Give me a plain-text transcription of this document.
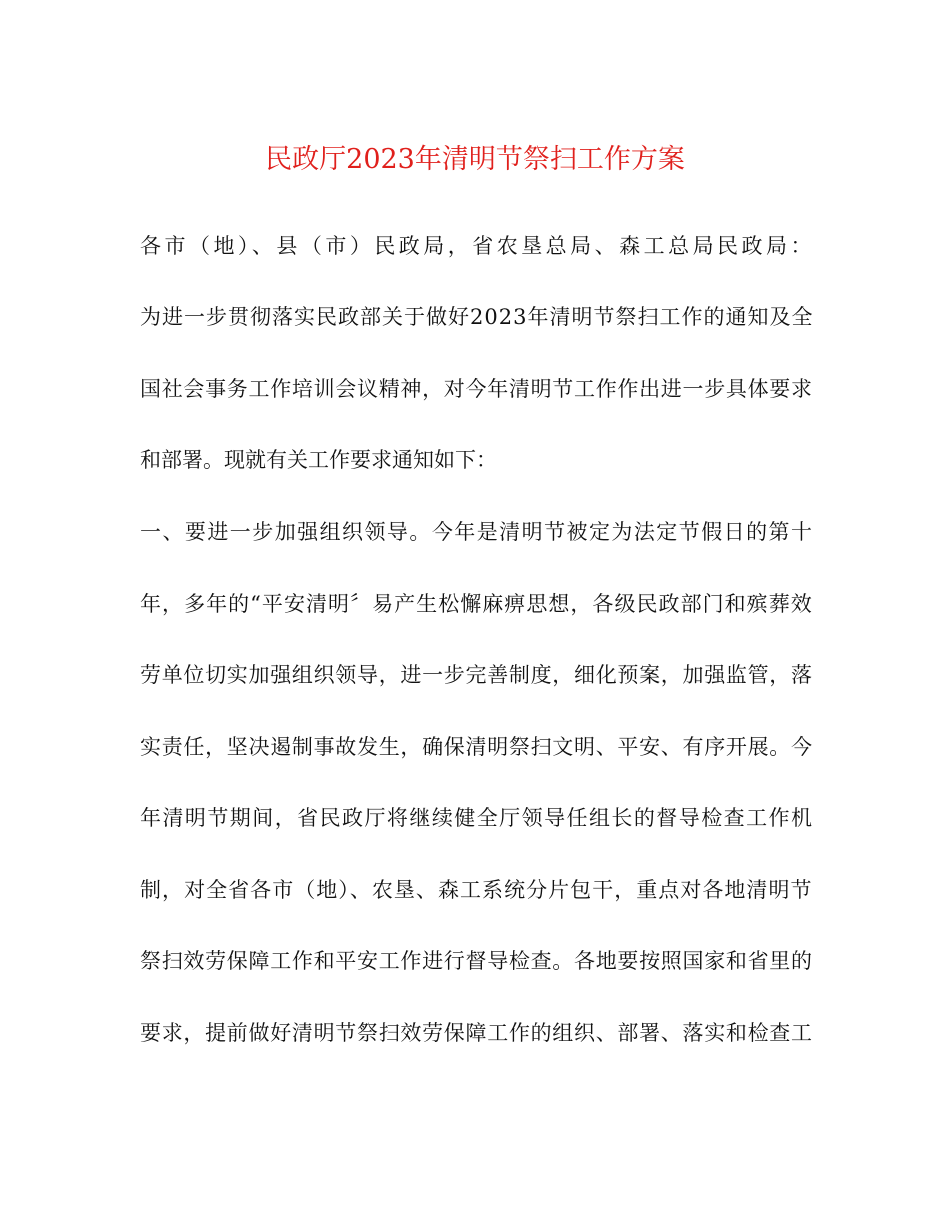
民政厅2023年清明节祭扫工作方案
各市（地）、县（市）民政局，省农垦总局、森工总局民政局：
为进一步贯彻落实民政部关于做好2023年清明节祭扫工作的通知及全
国社会事务工作培训会议精神，对今年清明节工作作出进一步具体要求
和部署。现就有关工作要求通知如下：
一、要进一步加强组织领导。今年是清明节被定为法定节假日的第十
年，多年的“平安清明〞易产生松懈麻痹思想，各级民政部门和殡葬效
劳单位切实加强组织领导，进一步完善制度，细化预案，加强监管，落
实责任，坚决遏制事故发生，确保清明祭扫文明、平安、有序开展。今
年清明节期间，省民政厅将继续健全厅领导任组长的督导检查工作机
制，对全省各市（地）、农垦、森工系统分片包干，重点对各地清明节
祭扫效劳保障工作和平安工作进行督导检查。各地要按照国家和省里的
要求，提前做好清明节祭扫效劳保障工作的组织、部署、落实和检查工
